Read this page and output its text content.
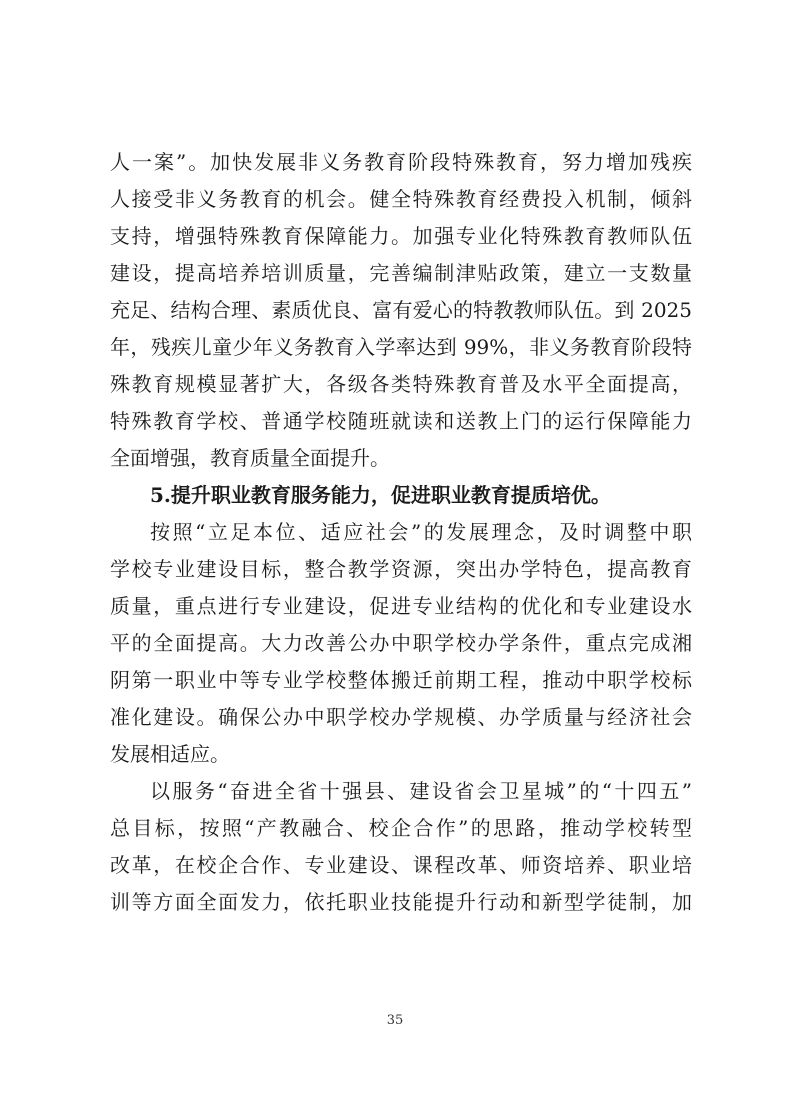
人一案”。加快发展非义务教育阶段特殊教育，努力增加残疾
人接受非义务教育的机会。健全特殊教育经费投入机制，倾斜
支持，增强特殊教育保障能力。加强专业化特殊教育教师队伍
建设，提高培养培训质量，完善编制津贴政策，建立一支数量
充足、结构合理、素质优良、富有爱心的特教教师队伍。到 2025
年，残疾儿童少年义务教育入学率达到 99%，非义务教育阶段特
殊教育规模显著扩大，各级各类特殊教育普及水平全面提高，
特殊教育学校、普通学校随班就读和送教上门的运行保障能力
全面增强，教育质量全面提升。
5.提升职业教育服务能力，促进职业教育提质培优。
按照“立足本位、适应社会”的发展理念，及时调整中职
学校专业建设目标，整合教学资源，突出办学特色，提高教育
质量，重点进行专业建设，促进专业结构的优化和专业建设水
平的全面提高。大力改善公办中职学校办学条件，重点完成湘
阴第一职业中等专业学校整体搬迁前期工程，推动中职学校标
准化建设。确保公办中职学校办学规模、办学质量与经济社会
发展相适应。
以服务“奋进全省十强县、建设省会卫星城”的“十四五”
总目标，按照“产教融合、校企合作”的思路，推动学校转型
改革，在校企合作、专业建设、课程改革、师资培养、职业培
训等方面全面发力，依托职业技能提升行动和新型学徒制，加
35
